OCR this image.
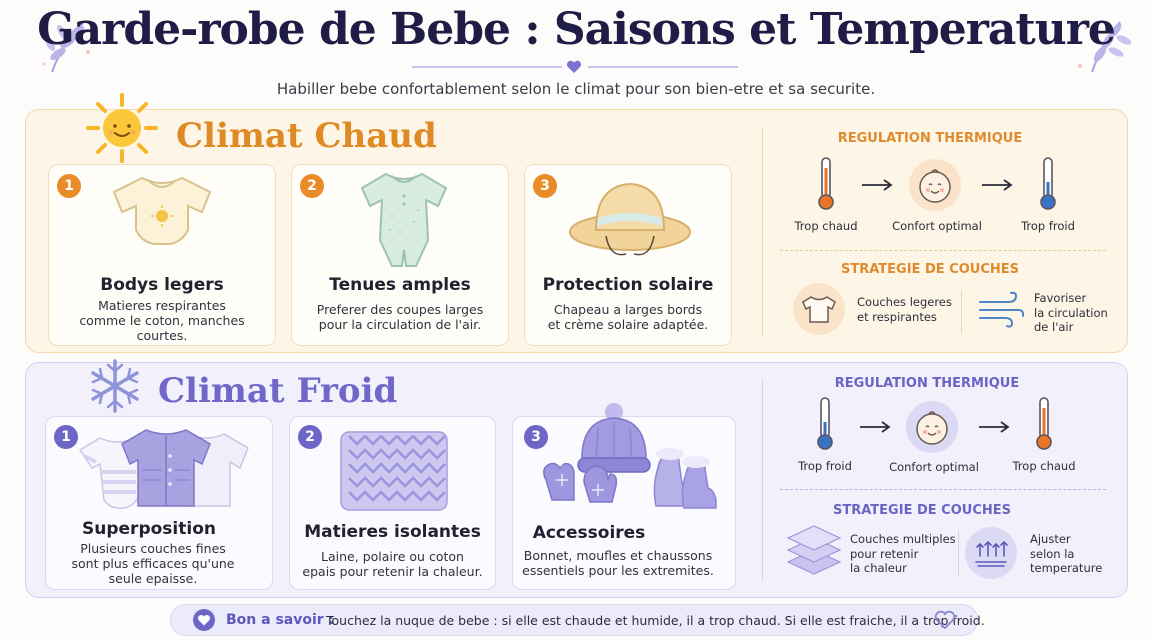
Garde-robe de Bebe : Saisons et Temperature

Habiller bebe confortablement selon le climat pour son bien-etre et sa securite.

Climat Chaud
1
Bodys legers
Matieres respirantes
comme le coton, manches
courtes.
2
Tenues amples
Preferer des coupes larges
pour la circulation de l'air.
3
Protection solaire
Chapeau a larges bords
et crème solaire adaptée.
REGULATION THERMIQUE
Trop chaud	Confort optimal	Trop froid
STRATEGIE DE COUCHES
Couches legeres
et respirantes
Favoriser
la circulation
de l'air
Climat Froid
1
Superposition
Plusieurs couches fines
sont plus efficaces qu'une
seule epaisse.
2
Matieres isolantes
Laine, polaire ou coton
epais pour retenir la chaleur.
3
Accessoires
Bonnet, moufles et chaussons
essentiels pour les extremites.
REGULATION THERMIQUE
Trop froid	Confort optimal	Trop chaud
STRATEGIE DE COUCHES
Couches multiples
pour retenir
la chaleur
Ajuster
selon la
temperature
Bon a savoir :
Touchez la nuque de bebe : si elle est chaude et humide, il a trop chaud. Si elle est fraiche, il a trop froid.
